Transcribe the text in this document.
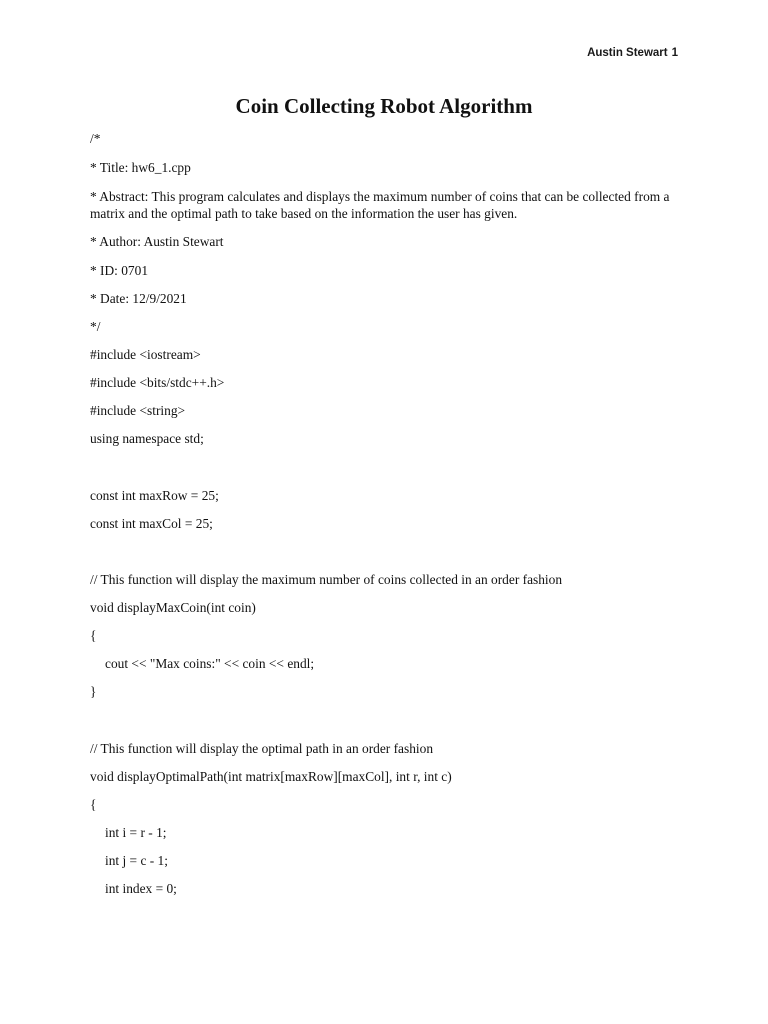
Austin Stewart 1
Coin Collecting Robot Algorithm
/*
* Title: hw6_1.cpp
* Abstract: This program calculates and displays the maximum number of coins that can be collected from a matrix and the optimal path to take based on the information the user has given.
* Author: Austin Stewart
* ID: 0701
* Date: 12/9/2021
*/
#include <iostream>
#include <bits/stdc++.h>
#include <string>
using namespace std;
const int maxRow = 25;
const int maxCol = 25;
// This function will display the maximum number of coins collected in an order fashion
void displayMaxCoin(int coin)
{
cout << "Max coins:" << coin << endl;
}
// This function will display the optimal path in an order fashion
void displayOptimalPath(int matrix[maxRow][maxCol], int r, int c)
{
int i = r - 1;
int j = c - 1;
int index = 0;
